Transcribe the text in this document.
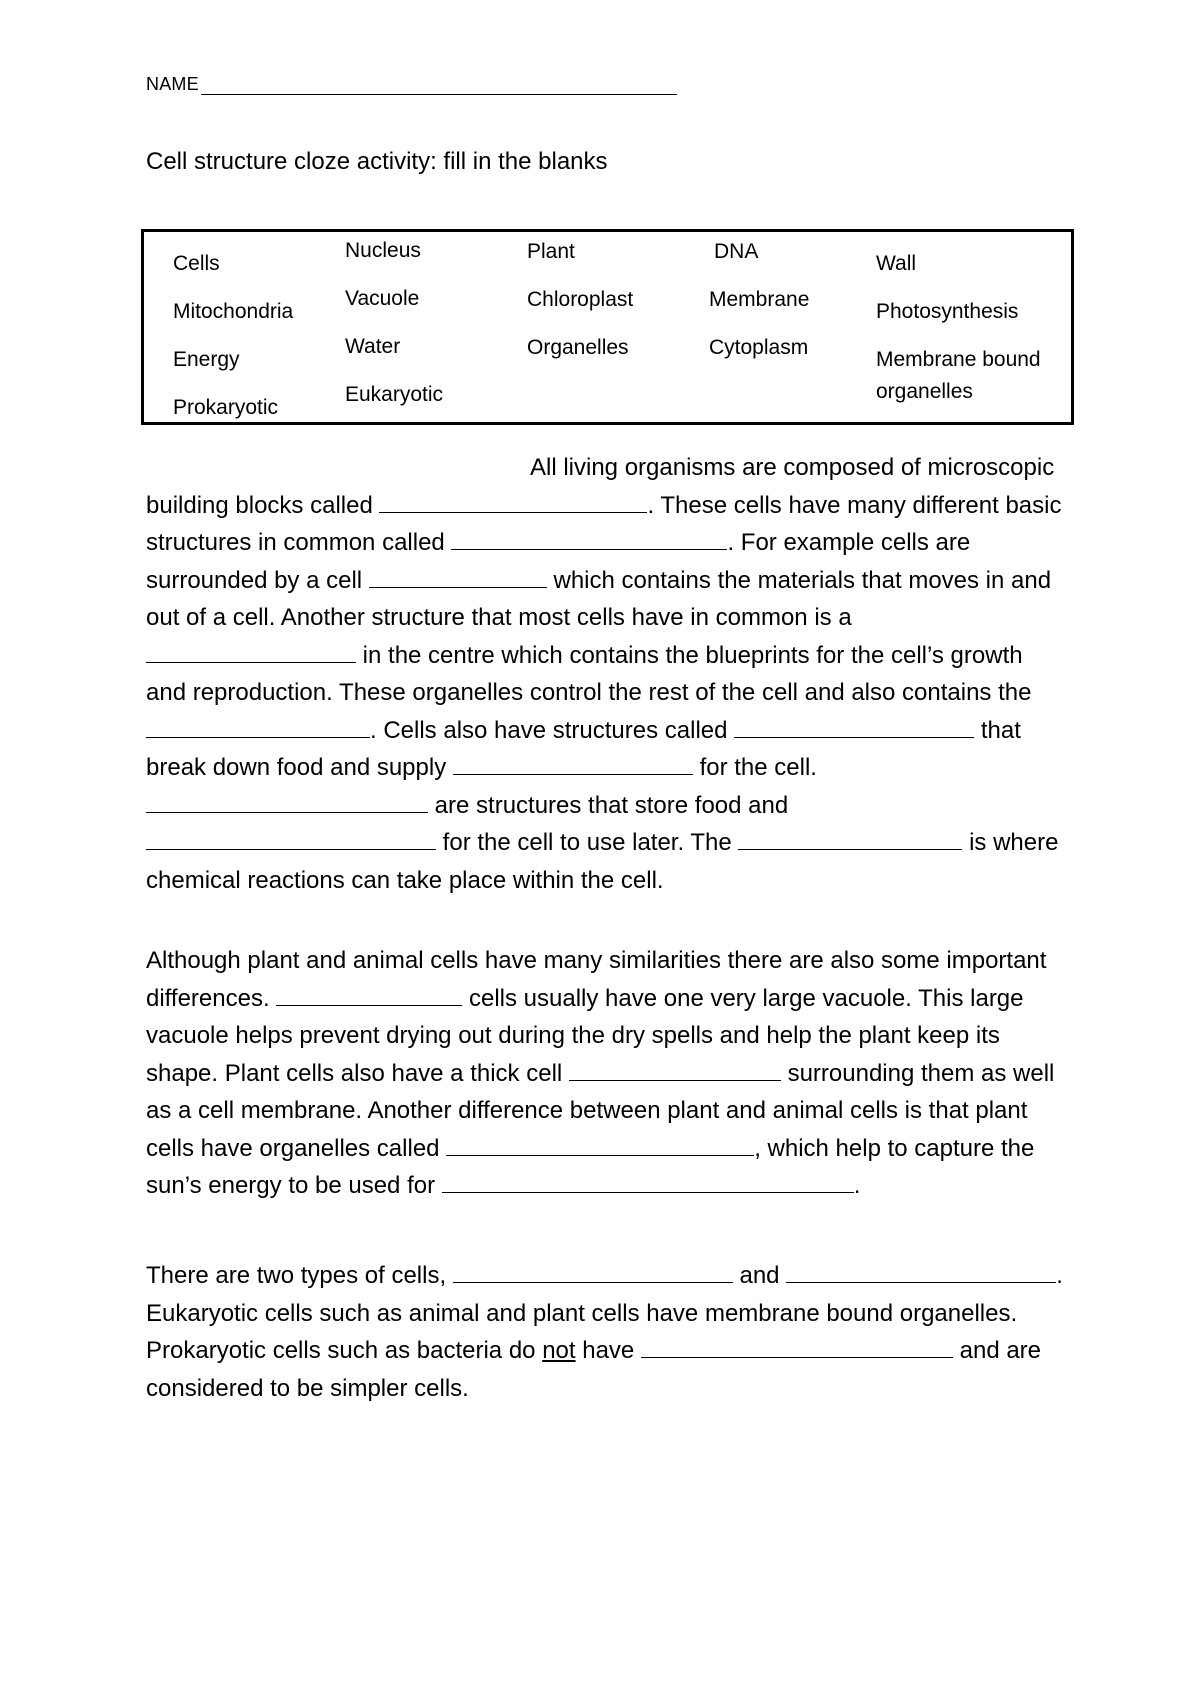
NAME
Cell structure cloze activity: fill in the blanks
Cells
Mitochondria
Energy
Prokaryotic
Nucleus
Vacuole
Water
Eukaryotic
Plant
Chloroplast
Organelles
DNA
Membrane
Cytoplasm
Wall
Photosynthesis
Membrane bound organelles
All living organisms are composed of microscopic building blocks called	. These cells have many different basic structures in common called	. For example cells are surrounded by a cell	which contains the materials that moves in and out of a cell. Another structure that most cells have in common is a  in the centre which contains the blueprints for the cell’s growth and reproduction. These organelles control the rest of the cell and also contains the . Cells also have structures called	that break down food and supply	for the cell.  are structures that store food and  for the cell to use later. The	is where chemical reactions can take place within the cell.
Although plant and animal cells have many similarities there are also some important differences.	cells usually have one very large vacuole. This large vacuole helps prevent drying out during the dry spells and help the plant keep its shape. Plant cells also have a thick cell	surrounding them as well as a cell membrane. Another difference between plant and animal cells is that plant cells have organelles called	, which help to capture the sun’s energy to be used for	.
There are two types of cells,	and	. Eukaryotic cells such as animal and plant cells have membrane bound organelles. Prokaryotic cells such as bacteria do not have	and are considered to be simpler cells.
